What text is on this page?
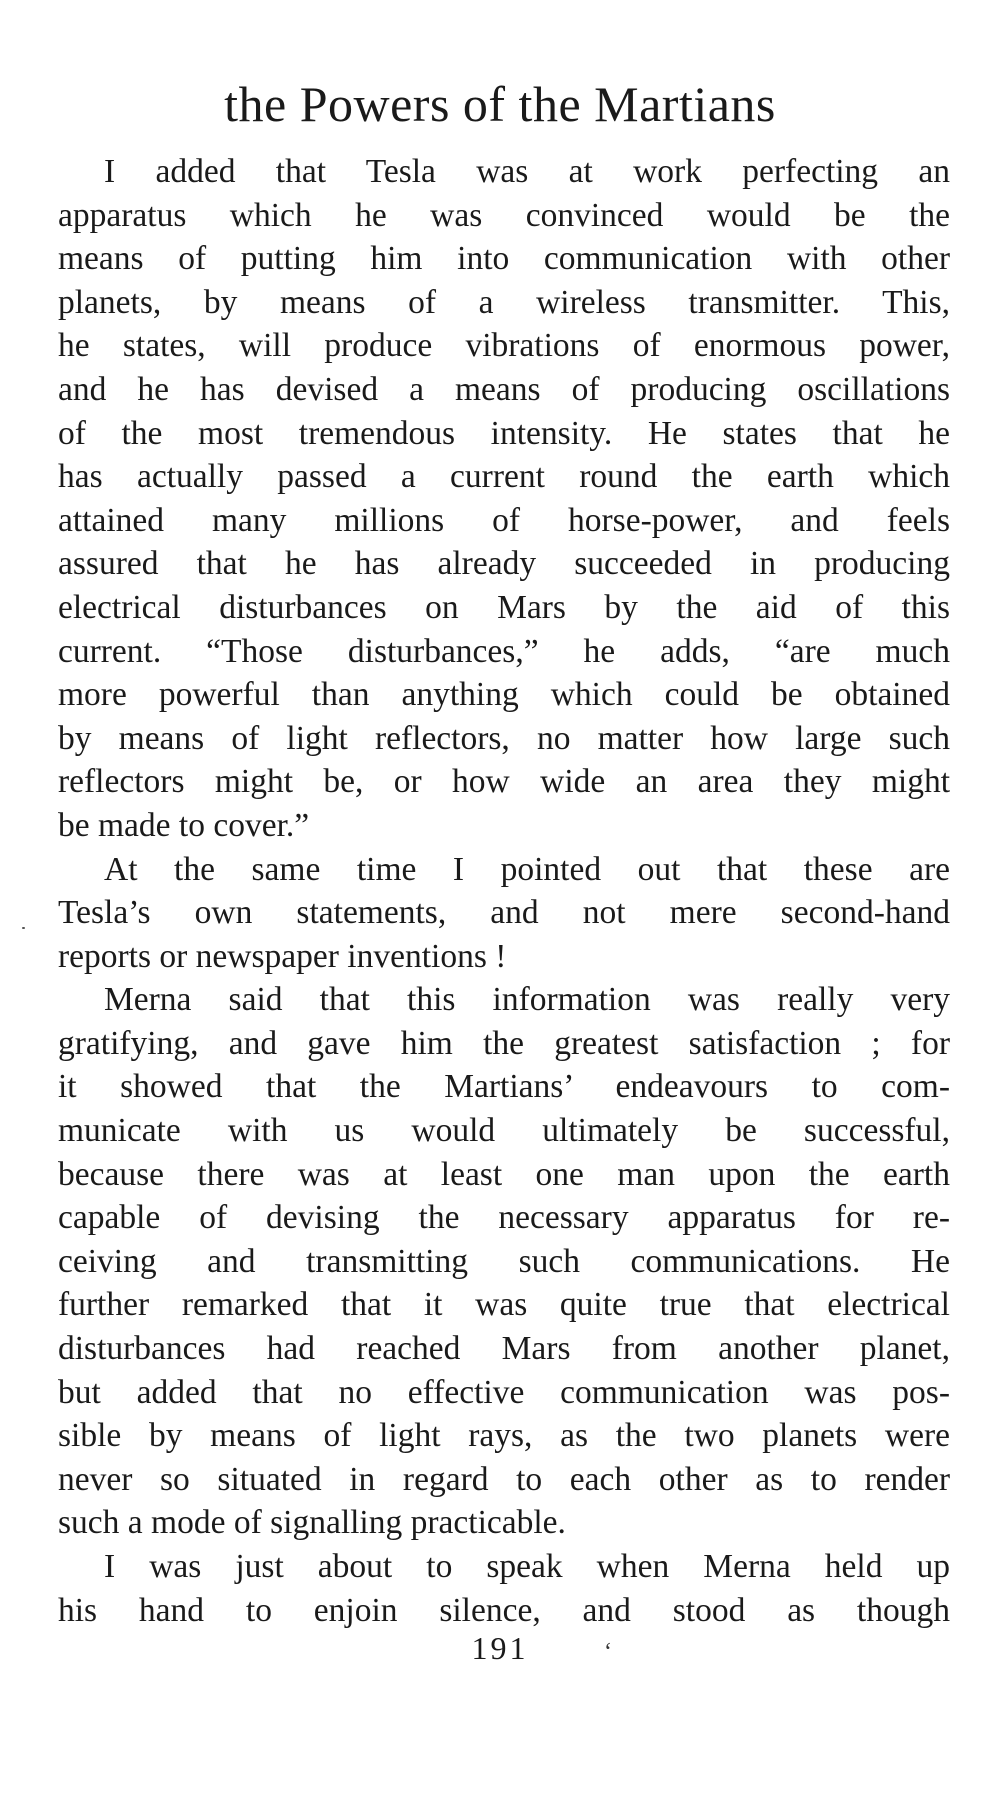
the Powers of the Martians
I added that Tesla was at work perfecting an
apparatus which he was convinced would be the
means of putting him into communication with other
planets, by means of a wireless transmitter. This,
he states, will produce vibrations of enormous power,
and he has devised a means of producing oscillations
of the most tremendous intensity. He states that he
has actually passed a current round the earth which
attained many millions of horse-power, and feels
assured that he has already succeeded in producing
electrical disturbances on Mars by the aid of this
current. “Those disturbances,” he adds, “are much
more powerful than anything which could be obtained
by means of light reflectors, no matter how large such
reflectors might be, or how wide an area they might
be made to cover.”
At the same time I pointed out that these are
Tesla’s own statements, and not mere second-hand
reports or newspaper inventions !
Merna said that this information was really very
gratifying, and gave him the greatest satisfaction ; for
it showed that the Martians’ endeavours to com-
municate with us would ultimately be successful,
because there was at least one man upon the earth
capable of devising the necessary apparatus for re-
ceiving and transmitting such communications. He
further remarked that it was quite true that electrical
disturbances had reached Mars from another planet,
but added that no effective communication was pos-
sible by means of light rays, as the two planets were
never so situated in regard to each other as to render
such a mode of signalling practicable.
I was just about to speak when Merna held up
his hand to enjoin silence, and stood as though
191	‘
